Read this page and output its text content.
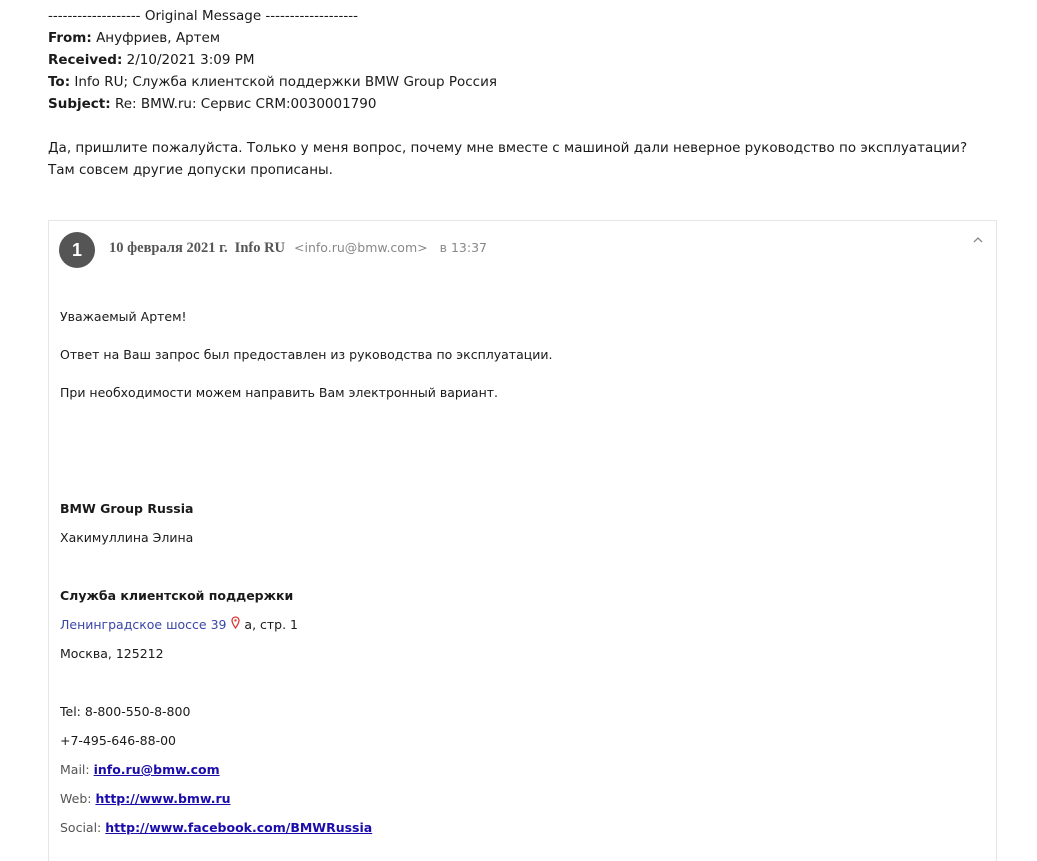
------------------- Original Message -------------------
From: Ануфриев, Артем
Received: 2/10/2021 3:09 PM
To: Info RU; Служба клиентской поддержки BMW Group Россия
Subject: Re: BMW.ru: Сервис CRM:0030001790
Да, пришлите пожалуйста. Только у меня вопрос, почему мне вместе с машиной дали неверное руководство по эксплуатации? Там совсем другие допуски прописаны.
1	10 февраля 2021 г. Info RU <info.ru@bmw.com> в 13:37
Уважаемый Артем!
Ответ на Ваш запрос был предоставлен из руководства по эксплуатации.
При необходимости можем направить Вам электронный вариант.
BMW Group Russia
Хакимуллина Элина
Служба клиентской поддержки
Ленинградское шоссе 39 а, стр. 1
Москва, 125212
Tel: 8-800-550-8-800
+7-495-646-88-00
Mail: info.ru@bmw.com
Web: http://www.bmw.ru
Social: http://www.facebook.com/BMWRussia
